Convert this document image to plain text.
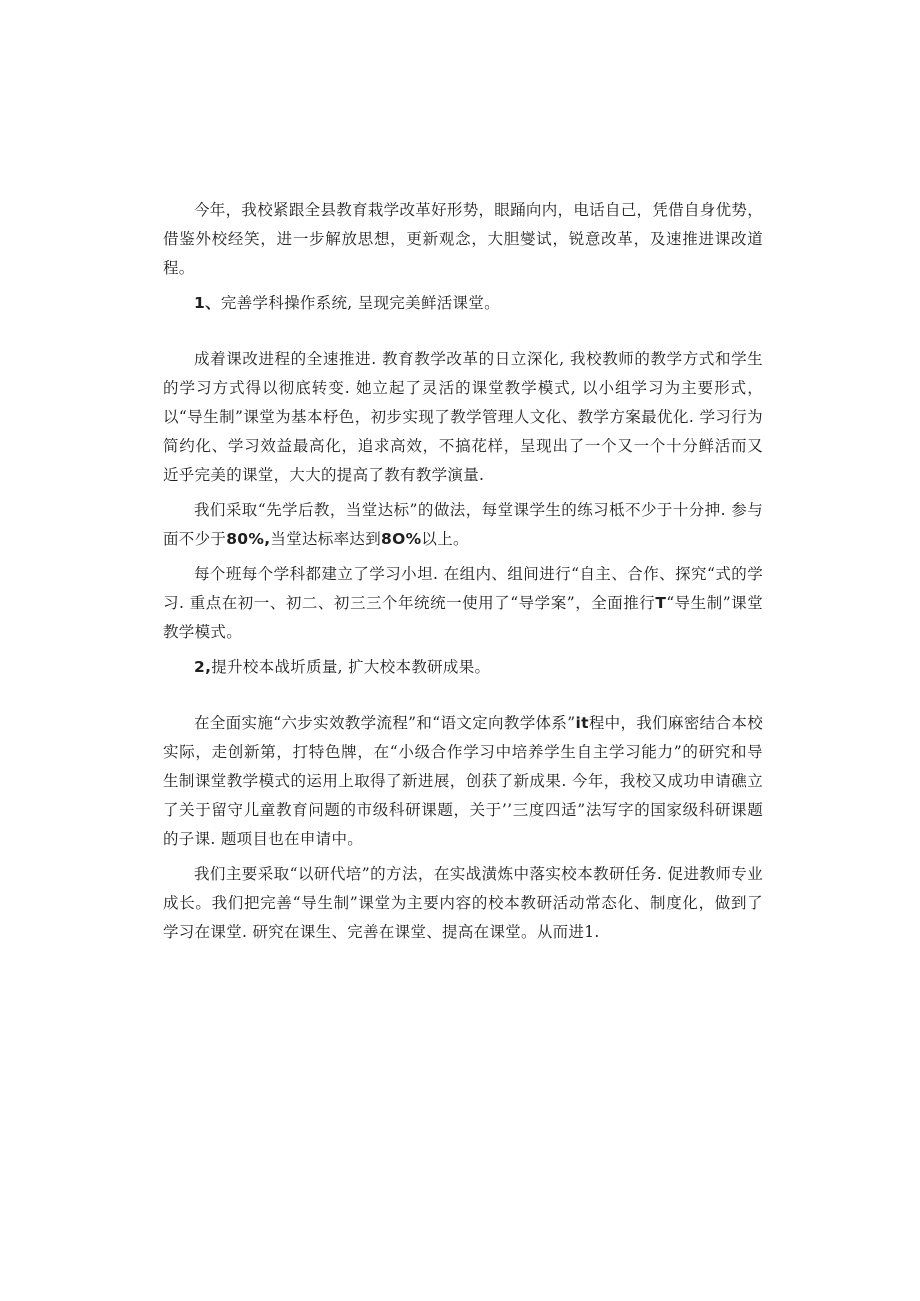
今年，我校紧跟全县教育栽学改革好形势，眼踊向内，电话自己，凭借自身优势，借鉴外校经笑，进一步解放思想，更新观念，大胆燮试，锐意改革，及速推进课改道程。

1、完善学科操作系统, 呈现完美鲜活课堂。

成着课改进程的全速推进. 教育教学改革的日立深化, 我校教师的教学方式和学生的学习方式得以彻底转变. 她立起了灵活的课堂教学模式, 以小组学习为主要形式，以“导生制”课堂为基本杼色，初步实现了教学管理人文化、教学方案最优化. 学习行为简约化、学习效益最高化，追求高效，不搞花样，呈现出了一个又一个十分鲜活而又近乎完美的课堂，大大的提高了教有教学演量.

我们采取“先学后教，当堂达标”的做法，每堂课学生的练习柢不少于十分抻. 参与面不少于80%,当堂达标率达到8O%以上。

每个班每个学科都建立了学习小坦. 在组内、组间进行“自主、合作、探究“式的学习. 重点在初一、初二、初三三个年统统一使用了“导学案”，全面推行T“导生制”课堂教学模式。

2,提升校本战圻质量, 扩大校本教研成果。

在全面实施“六步实效教学流程”和“语文定向教学体系”it程中，我们麻密结合本校实际，走创新第，打特色牌，在“小级合作学习中培养学生自主学习能力”的研究和导生制课堂教学模式的运用上取得了新进展，创获了新成果. 今年，我校又成功申请礁立了关于留守儿童教育问题的市级科研课题，关于’’三度四适”法写字的国家级科研课题的子课. 题项目也在申请中。

我们主要采取“以研代培”的方法，在实战潢炼中落实校本教研任务. 促进教师专业成长。我们把完善“导生制”课堂为主要内容的校本教研活动常态化、制度化，做到了学习在课堂. 研究在课生、完善在课堂、提高在课堂。从而进1.
